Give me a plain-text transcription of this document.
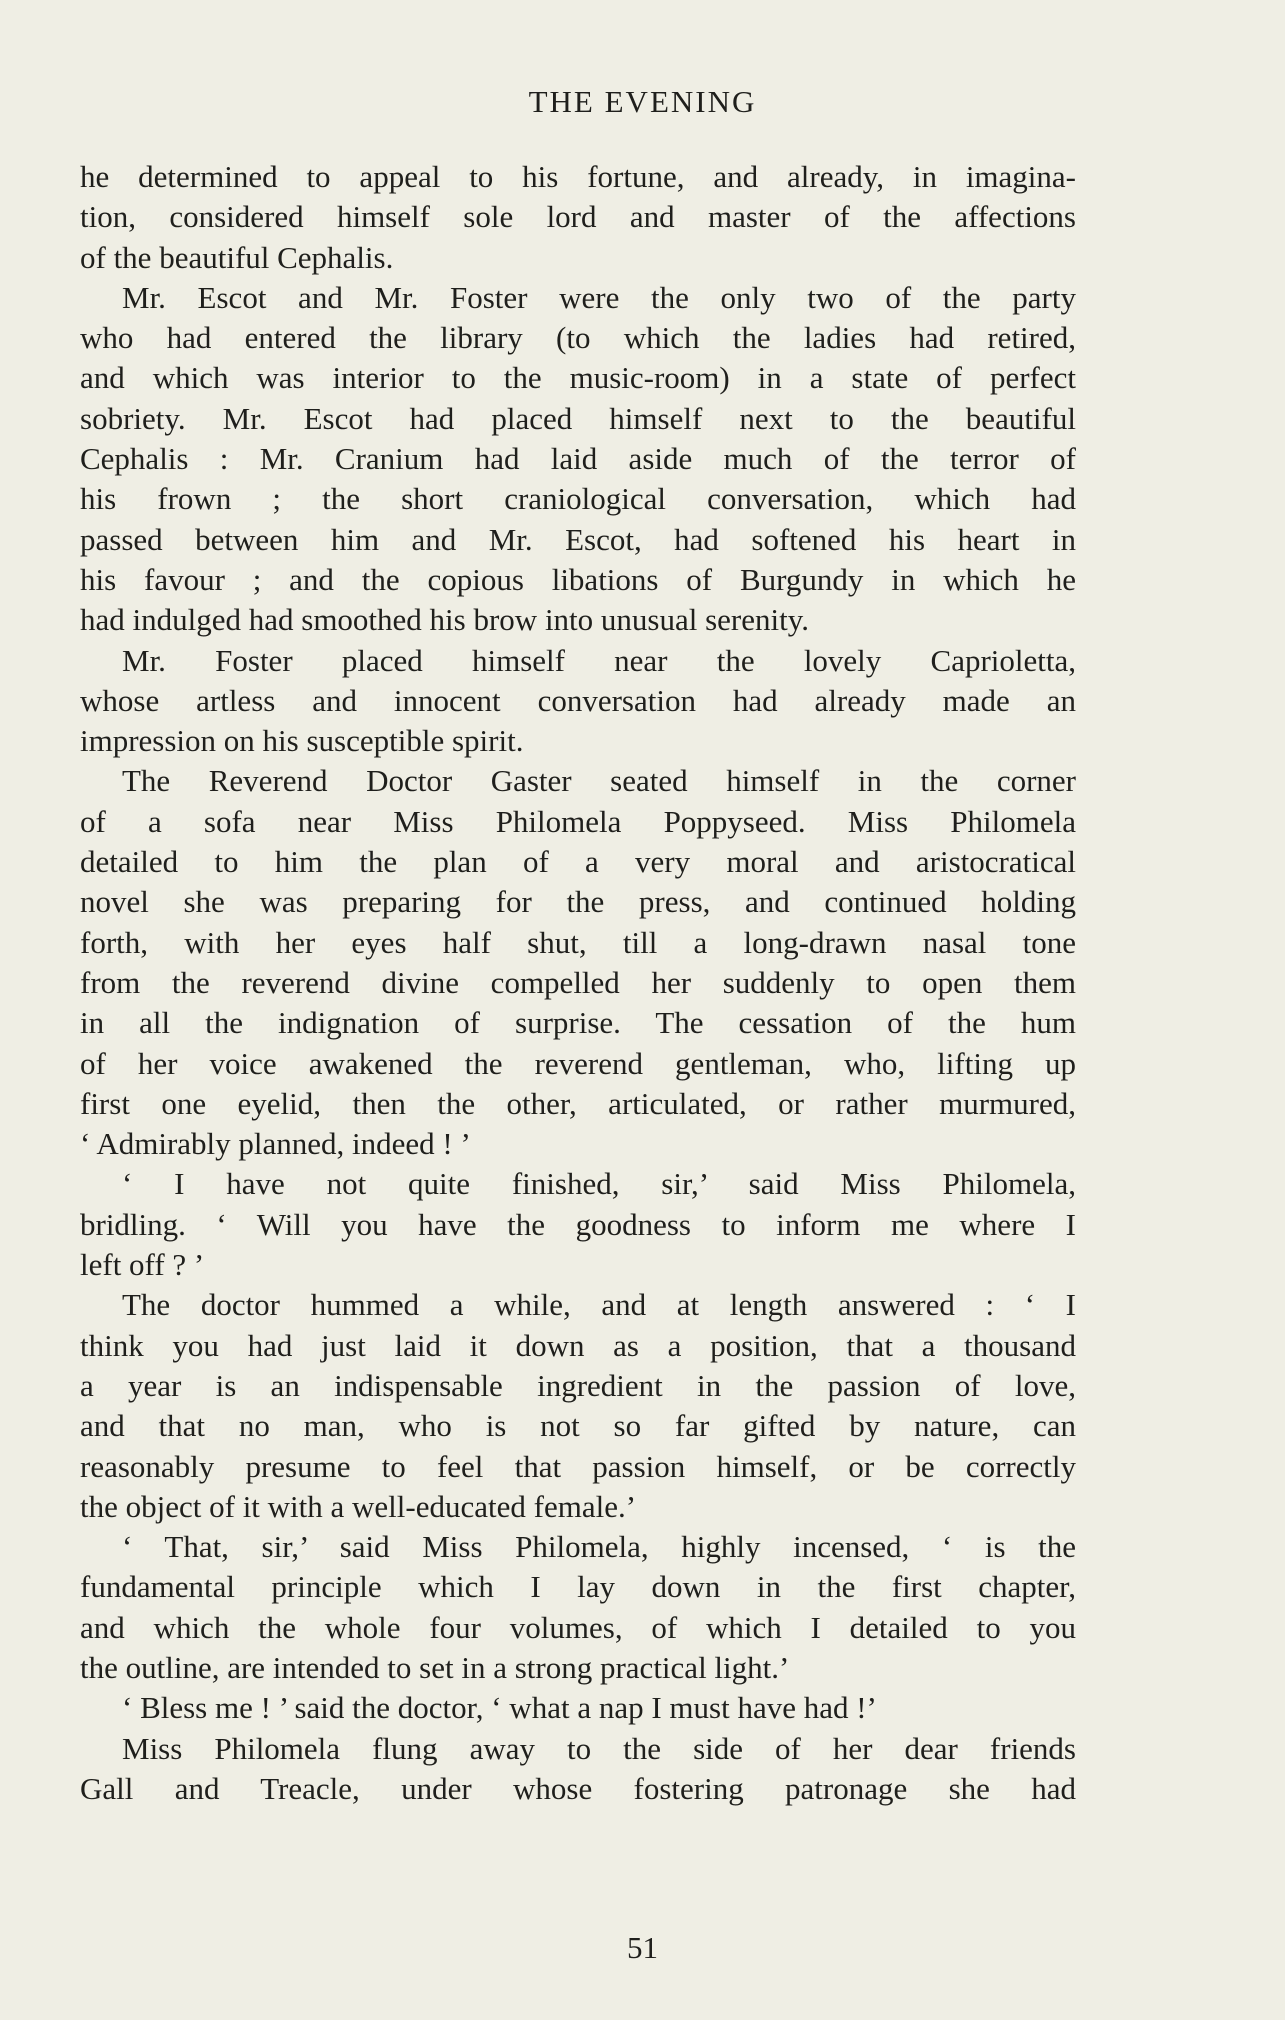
THE EVENING
he determined to appeal to his fortune, and already, in imagina-
tion, considered himself sole lord and master of the affections
of the beautiful Cephalis.
Mr. Escot and Mr. Foster were the only two of the party
who had entered the library (to which the ladies had retired,
and which was interior to the music-room) in a state of perfect
sobriety. Mr. Escot had placed himself next to the beautiful
Cephalis : Mr. Cranium had laid aside much of the terror of
his frown ; the short craniological conversation, which had
passed between him and Mr. Escot, had softened his heart in
his favour ; and the copious libations of Burgundy in which he
had indulged had smoothed his brow into unusual serenity.
Mr. Foster placed himself near the lovely Caprioletta,
whose artless and innocent conversation had already made an
impression on his susceptible spirit.
The Reverend Doctor Gaster seated himself in the corner
of a sofa near Miss Philomela Poppyseed. Miss Philomela
detailed to him the plan of a very moral and aristocratical
novel she was preparing for the press, and continued holding
forth, with her eyes half shut, till a long-drawn nasal tone
from the reverend divine compelled her suddenly to open them
in all the indignation of surprise. The cessation of the hum
of her voice awakened the reverend gentleman, who, lifting up
first one eyelid, then the other, articulated, or rather murmured,
‘ Admirably planned, indeed ! ’
‘ I have not quite finished, sir,’ said Miss Philomela,
bridling. ‘ Will you have the goodness to inform me where I
left off ? ’
The doctor hummed a while, and at length answered : ‘ I
think you had just laid it down as a position, that a thousand
a year is an indispensable ingredient in the passion of love,
and that no man, who is not so far gifted by nature, can
reasonably presume to feel that passion himself, or be correctly
the object of it with a well-educated female.’
‘ That, sir,’ said Miss Philomela, highly incensed, ‘ is the
fundamental principle which I lay down in the first chapter,
and which the whole four volumes, of which I detailed to you
the outline, are intended to set in a strong practical light.’
‘ Bless me ! ’ said the doctor, ‘ what a nap I must have had !’
Miss Philomela flung away to the side of her dear friends
Gall and Treacle, under whose fostering patronage she had
51
